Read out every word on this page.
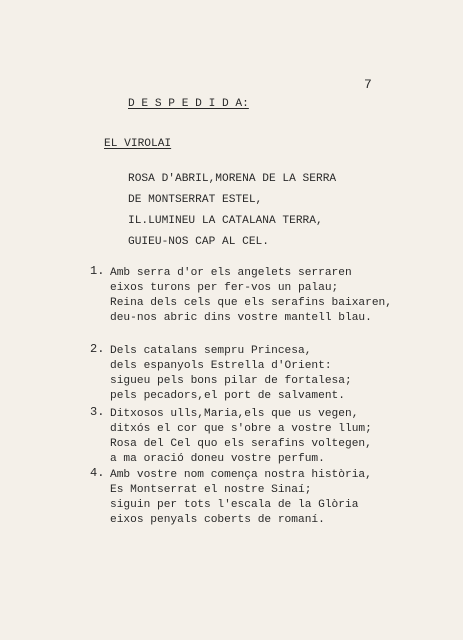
7
D E S P E D I D A:
EL VIROLAI
ROSA D'ABRIL,MORENA DE LA SERRA
DE MONTSERRAT ESTEL,
IL.LUMINEU LA CATALANA TERRA,
GUIEU-NOS CAP AL CEL.
1. Amb serra d'or els angelets serraren
eixos turons per fer-vos un palau;
Reina dels cels que els serafins baixaren,
deu-nos abric dins vostre mantell blau.
2. Dels catalans sempru Princesa,
dels espanyols Estrella d'Orient:
sigueu pels bons pilar de fortalesa;
pels pecadors,el port de salvament.
3. Ditxosos ulls,Maria,els que us vegen,
ditxós el cor que s'obre a vostre llum;
Rosa del Cel quo els serafins voltegen,
a ma oració doneu vostre perfum.
4. Amb vostre nom comença nostra història,
Es Montserrat el nostre Sinaí;
siguin per tots l'escala de la Glòria
eixos penyals coberts de romaní.
